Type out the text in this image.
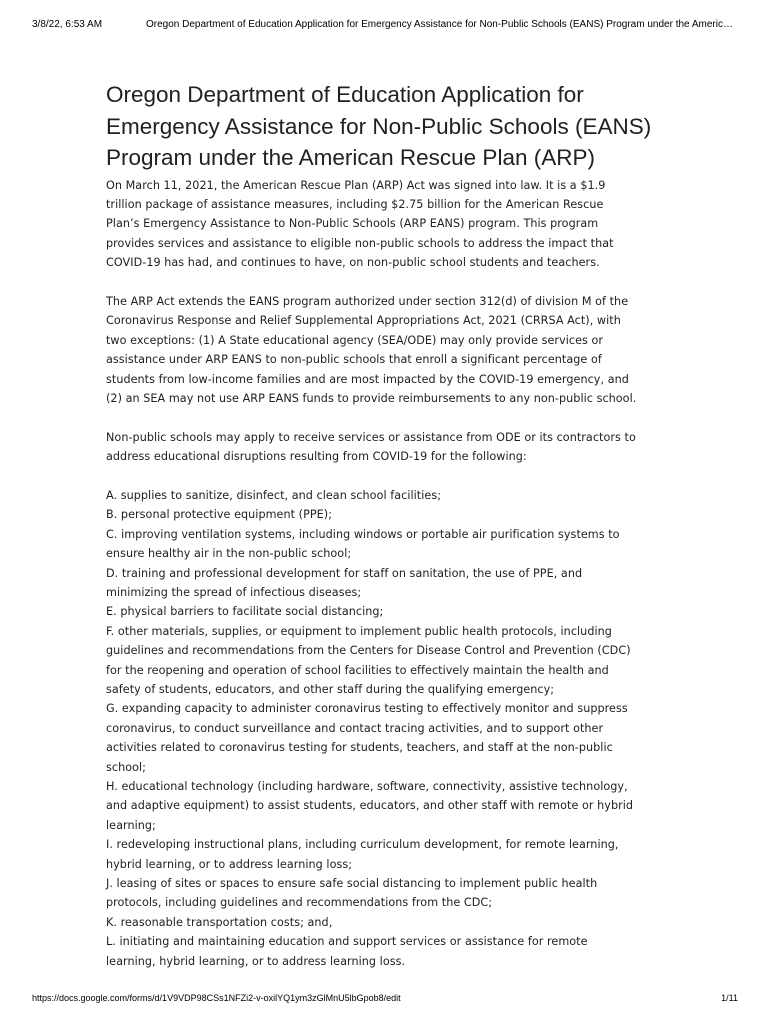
3/8/22, 6:53 AM	Oregon Department of Education Application for Emergency Assistance for Non-Public Schools (EANS) Program under the Americ…
Oregon Department of Education Application for Emergency Assistance for Non-Public Schools (EANS) Program under the American Rescue Plan (ARP)

On March 11, 2021, the American Rescue Plan (ARP) Act was signed into law. It is a $1.9
trillion package of assistance measures, including $2.75 billion for the American Rescue
Plan’s Emergency Assistance to Non-Public Schools (ARP EANS) program. This program
provides services and assistance to eligible non-public schools to address the impact that
COVID-19 has had, and continues to have, on non-public school students and teachers.

The ARP Act extends the EANS program authorized under section 312(d) of division M of the
Coronavirus Response and Relief Supplemental Appropriations Act, 2021 (CRRSA Act), with
two exceptions: (1) A State educational agency (SEA/ODE) may only provide services or
assistance under ARP EANS to non-public schools that enroll a significant percentage of
students from low-income families and are most impacted by the COVID-19 emergency, and
(2) an SEA may not use ARP EANS funds to provide reimbursements to any non-public school.

Non-public schools may apply to receive services or assistance from ODE or its contractors to
address educational disruptions resulting from COVID-19 for the following:

A. supplies to sanitize, disinfect, and clean school facilities;
B. personal protective equipment (PPE);
C. improving ventilation systems, including windows or portable air purification systems to
ensure healthy air in the non-public school;
D. training and professional development for staff on sanitation, the use of PPE, and
minimizing the spread of infectious diseases;
E. physical barriers to facilitate social distancing;
F. other materials, supplies, or equipment to implement public health protocols, including
guidelines and recommendations from the Centers for Disease Control and Prevention (CDC)
for the reopening and operation of school facilities to effectively maintain the health and
safety of students, educators, and other staff during the qualifying emergency;
G. expanding capacity to administer coronavirus testing to effectively monitor and suppress
coronavirus, to conduct surveillance and contact tracing activities, and to support other
activities related to coronavirus testing for students, teachers, and staff at the non-public
school;
H. educational technology (including hardware, software, connectivity, assistive technology,
and adaptive equipment) to assist students, educators, and other staff with remote or hybrid
learning;
I. redeveloping instructional plans, including curriculum development, for remote learning,
hybrid learning, or to address learning loss;
J. leasing of sites or spaces to ensure safe social distancing to implement public health
protocols, including guidelines and recommendations from the CDC;
K. reasonable transportation costs; and,
L. initiating and maintaining education and support services or assistance for remote
learning, hybrid learning, or to address learning loss.

https://docs.google.com/forms/d/1V9VDP98CSs1NFZi2-v-oxilYQ1ym3zGlMnU5lbGpob8/edit	1/11
